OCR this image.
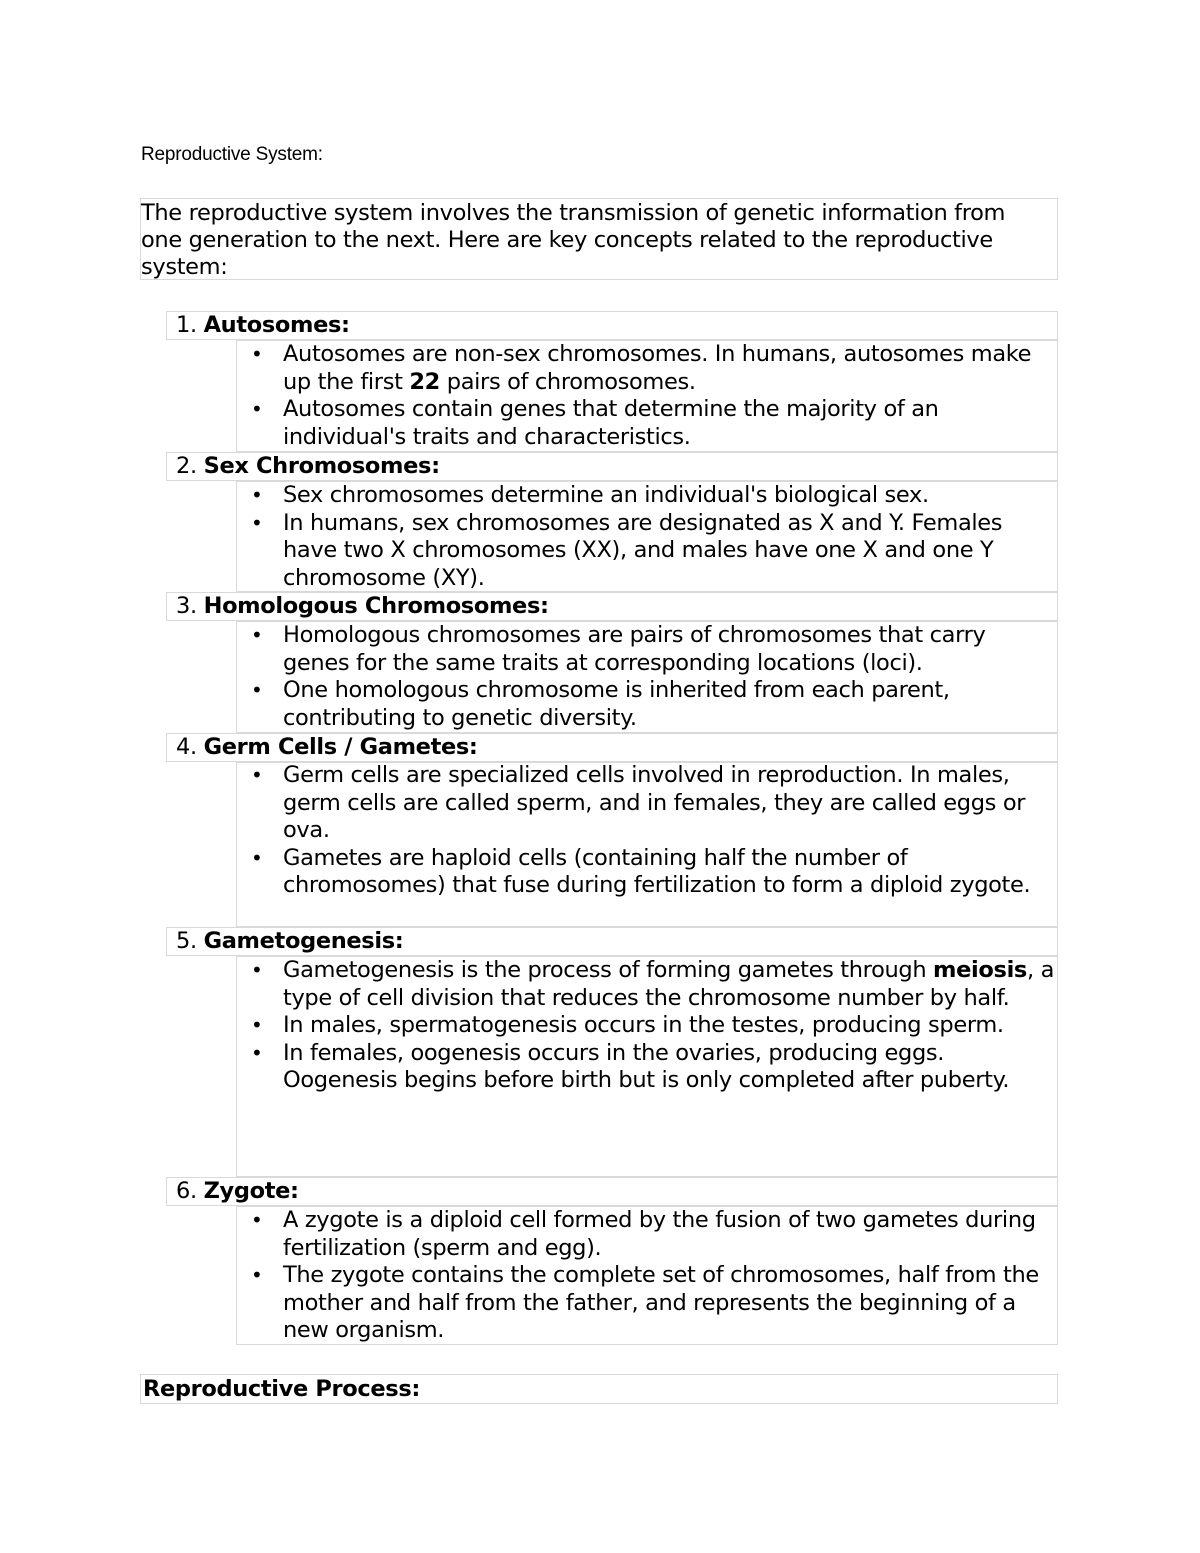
Reproductive System:
The reproductive system involves the transmission of genetic information from one generation to the next. Here are key concepts related to the reproductive system:
1. Autosomes:
• Autosomes are non-sex chromosomes. In humans, autosomes make up the first 22 pairs of chromosomes.
• Autosomes contain genes that determine the majority of an individual's traits and characteristics.
2. Sex Chromosomes:
• Sex chromosomes determine an individual's biological sex.
• In humans, sex chromosomes are designated as X and Y. Females have two X chromosomes (XX), and males have one X and one Y chromosome (XY).
3. Homologous Chromosomes:
• Homologous chromosomes are pairs of chromosomes that carry genes for the same traits at corresponding locations (loci).
• One homologous chromosome is inherited from each parent, contributing to genetic diversity.
4. Germ Cells / Gametes:
• Germ cells are specialized cells involved in reproduction. In males, germ cells are called sperm, and in females, they are called eggs or ova.
• Gametes are haploid cells (containing half the number of chromosomes) that fuse during fertilization to form a diploid zygote.
5. Gametogenesis:
• Gametogenesis is the process of forming gametes through meiosis, a type of cell division that reduces the chromosome number by half.
• In males, spermatogenesis occurs in the testes, producing sperm.
• In females, oogenesis occurs in the ovaries, producing eggs. Oogenesis begins before birth but is only completed after puberty.
6. Zygote:
• A zygote is a diploid cell formed by the fusion of two gametes during fertilization (sperm and egg).
• The zygote contains the complete set of chromosomes, half from the mother and half from the father, and represents the beginning of a new organism.
Reproductive Process:
